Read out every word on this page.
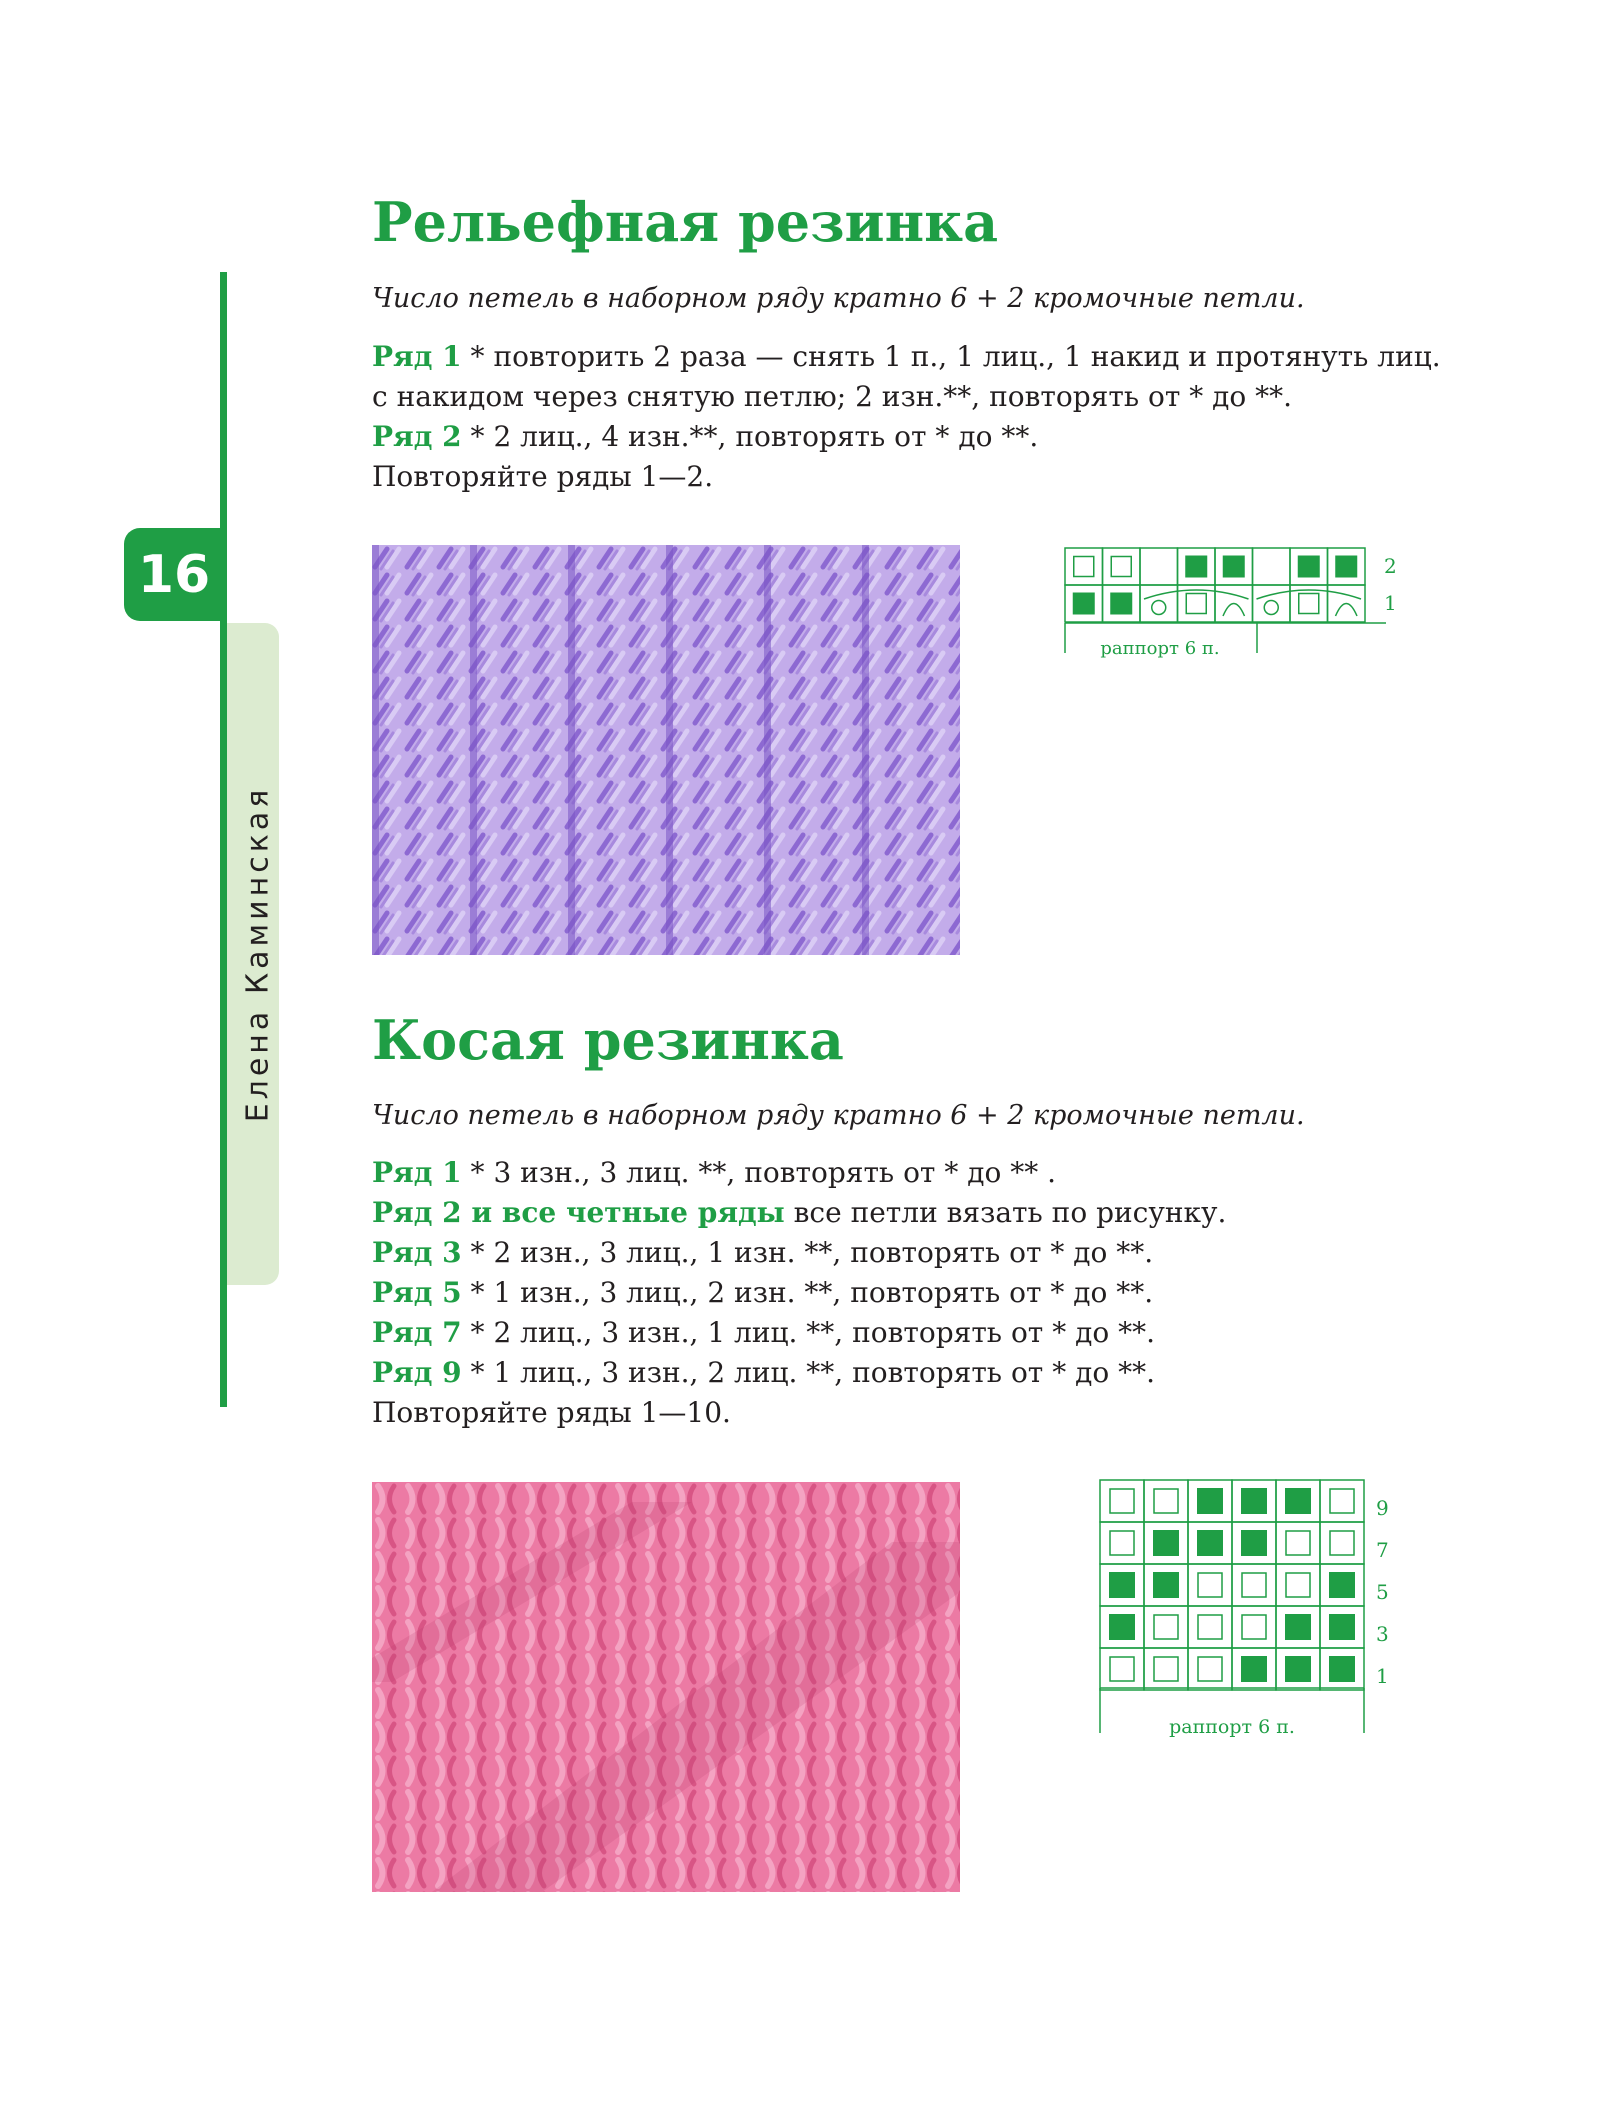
16
Елена Каминская
Рельефная резинка
Число петель в наборном ряду кратно 6 + 2 кромочные петли.

Ряд 1 * повторить 2 раза — снять 1 п., 1 лиц., 1 накид и протянуть лиц.

с накидом через снятую петлю; 2 изн.**, повторять от * до **.

Ряд 2 * 2 лиц., 4 изн.**, повторять от * до **.

Повторяйте ряды 1—2.

раппорт 6 п.
2
1
Косая резинка
Число петель в наборном ряду кратно 6 + 2 кромочные петли.

Ряд 1 * 3 изн., 3 лиц. **, повторять от * до ** .

Ряд 2 и все четные ряды все петли вязать по рисунку.

Ряд 3 * 2 изн., 3 лиц., 1 изн. **, повторять от * до **.

Ряд 5 * 1 изн., 3 лиц., 2 изн. **, повторять от * до **.

Ряд 7 * 2 лиц., 3 изн., 1 лиц. **, повторять от * до **.

Ряд 9 * 1 лиц., 3 изн., 2 лиц. **, повторять от * до **.

Повторяйте ряды 1—10.

раппорт 6 п.
9
7
5
3
1
